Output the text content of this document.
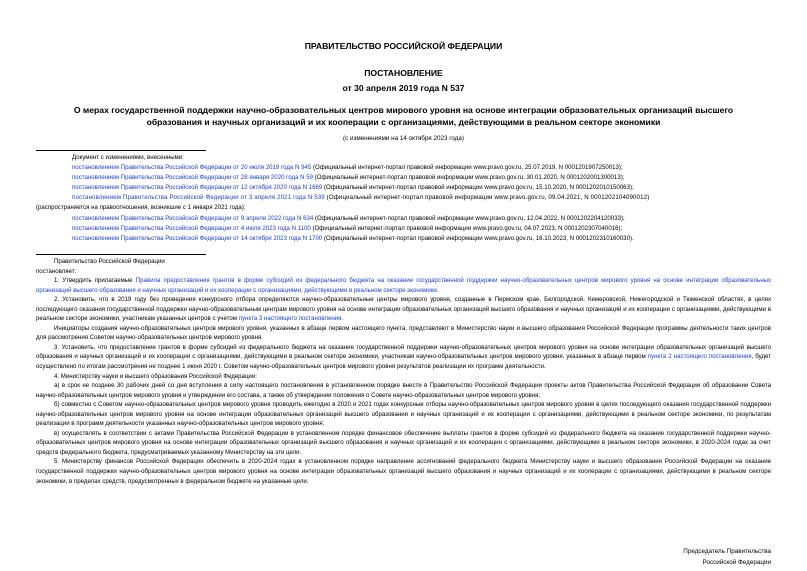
ПРАВИТЕЛЬСТВО РОССИЙСКОЙ ФЕДЕРАЦИИ
ПОСТАНОВЛЕНИЕ
от 30 апреля 2019 года N 537
О мерах государственной поддержки научно-образовательных центров мирового уровня на основе интеграции образовательных организаций высшего образования и научных организаций и их кооперации с организациями, действующими в реальном секторе экономики
(с изменениями на 14 октября 2023 года)
Документ с изменениями, внесенными:
постановлением Правительства Российской Федерации от 20 июля 2019 года N 945 (Официальный интернет-портал правовой информации www.pravo.gov.ru, 25.07.2019, N 0001201907250013);
постановлением Правительства Российской Федерации от 28 января 2020 года N 59 (Официальный интернет-портал правовой информации www.pravo.gov.ru, 30.01.2020, N 0001202001300013);
постановлением Правительства Российской Федерации от 12 октября 2020 года N 1669 (Официальный интернет-портал правовой информации www.pravo.gov.ru, 15.10.2020, N 0001202010150063);
постановлением Правительства Российской Федерации от 3 апреля 2021 года N 539 (Официальный интернет-портал правовой информации www.pravo.gov.ru, 09.04.2021, N 0001202104090012)
(распространяется на правоотношения, возникшие с 1 января 2021 года);
постановлением Правительства Российской Федерации от 9 апреля 2022 года N 634 (Официальный интернет-портал правовой информации www.pravo.gov.ru, 12.04.2022, N 0001202204120033);
постановлением Правительства Российской Федерации от 4 июля 2023 года N 1100 (Официальный интернет-портал правовой информации www.pravo.gov.ru, 04.07.2023, N 0001202307040016);
постановлением Правительства Российской Федерации от 14 октября 2023 года N 1700 (Официальный интернет-портал правовой информации www.pravo.gov.ru, 16.10.2023, N 0001202310160030).
Правительство Российской Федерации
постановляет:
1. Утвердить прилагаемые Правила предоставления грантов в форме субсидий из федерального бюджета на оказание государственной поддержки научно-образовательных центров мирового уровня на основе интеграции образовательных организаций высшего образования и научных организаций и их кооперации с организациями, действующими в реальном секторе экономики.
2. Установить, что в 2019 году без проведения конкурсного отбора определяются научно-образовательные центры мирового уровня, созданные в Пермском крае, Белгородской, Кемеровской, Нижегородской и Тюменской областях, в целях последующего оказания государственной поддержки научно-образовательным центрам мирового уровня на основе интеграции образовательных организаций высшего образования и научных организаций и их кооперации с организациями, действующими в реальном секторе экономики, участникам указанных центров с учетом пункта 3 настоящего постановления.
Инициаторы создания научно-образовательных центров мирового уровня, указанных в абзаце первом настоящего пункта, представляют в Министерство науки и высшего образования Российской Федерации программы деятельности таких центров для рассмотрения Советом научно-образовательных центров мирового уровня.
3. Установить, что предоставление грантов в форме субсидий из федерального бюджета на оказание государственной поддержки научно-образовательных центров мирового уровня на основе интеграции образовательных организаций высшего образования и научных организаций и их кооперации с организациями, действующими в реальном секторе экономики, участникам научно-образовательных центров мирового уровня, указанных в абзаце первом пункта 2 настоящего постановления, будет осуществлено по итогам рассмотрения не позднее 1 июня 2020 г. Советом научно-образовательных центров мирового уровня результатов реализации их программ деятельности.
4. Министерству науки и высшего образования Российской Федерации:
а) в срок не позднее 30 рабочих дней со дня вступления в силу настоящего постановления в установленном порядке внести в Правительство Российской Федерации проекты актов Правительства Российской Федерации об образовании Совета научно-образовательных центров мирового уровня и утверждении его состава, а также об утверждении положения о Совете научно-образовательных центров мирового уровня;
б) совместно с Советом научно-образовательных центров мирового уровня проводить ежегодно в 2020 и 2021 годах конкурсные отборы научно-образовательных центров мирового уровня в целях последующего оказания государственной поддержки научно-образовательных центров мирового уровня на основе интеграции образовательных организаций высшего образования и научных организаций и их кооперации с организациями, действующими в реальном секторе экономики, по результатам реализации в программ деятельности указанных научно-образовательных центров мирового уровня;
в) осуществлять в соответствии с актами Правительства Российской Федерации в установленном порядке финансовое обеспечение выплаты грантов в форме субсидий из федерального бюджета на оказание государственной поддержки научно-образовательных центров мирового уровня на основе интеграции образовательных организаций высшего образования и научных организаций и их кооперации с организациями, действующими в реальном секторе экономики, в 2020-2024 годах за счет средств федерального бюджета, предусматриваемых указанному Министерству на эти цели.
5. Министерству финансов Российской Федерации обеспечить в 2020-2024 годах в установленном порядке направление ассигнований федерального бюджета Министерству науки и высшего образования Российской Федерации на оказание государственной поддержки научно-образовательных центров мирового уровня на основе интеграции образовательных организаций высшего образования и научных организаций и их кооперации с организациями, действующими в реальном секторе экономики, в пределах средств, предусмотренных в федеральном бюджете на указанные цели.
Председатель Правительства
Российской Федерации
